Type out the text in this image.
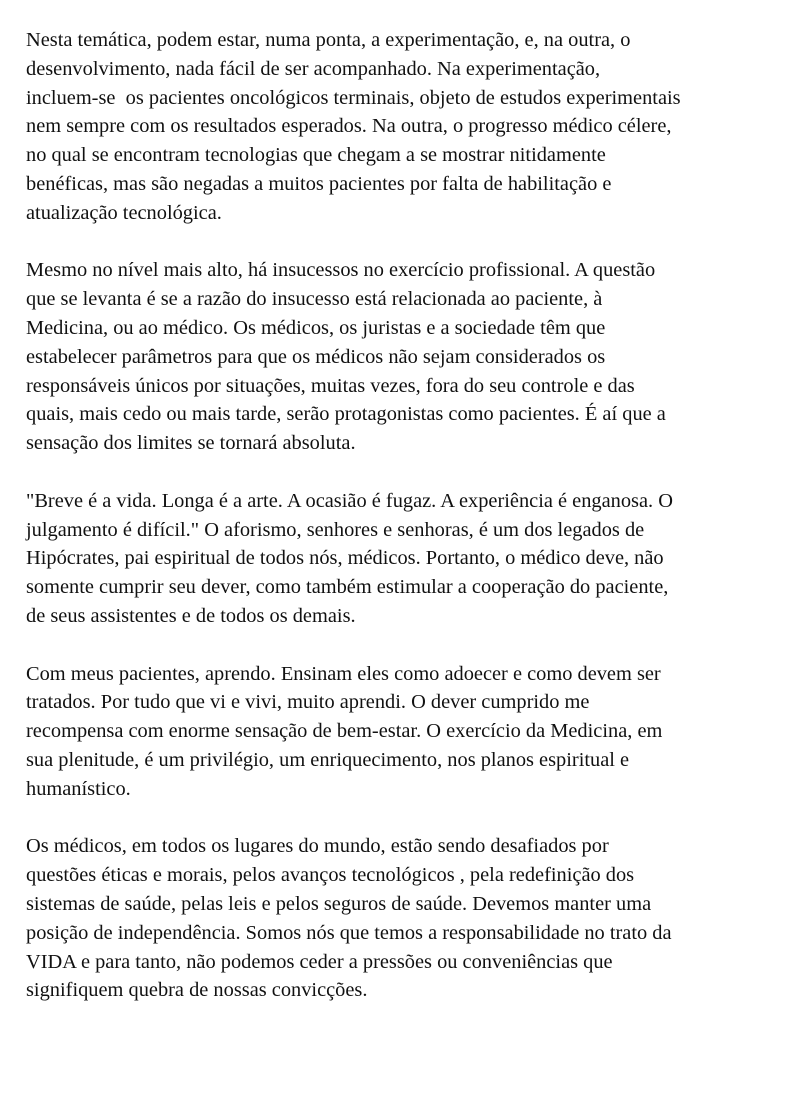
Nesta temática, podem estar, numa ponta, a experimentação, e, na outra, o
desenvolvimento, nada fácil de ser acompanhado. Na experimentação,
incluem-se  os pacientes oncológicos terminais, objeto de estudos experimentais
nem sempre com os resultados esperados. Na outra, o progresso médico célere,
no qual se encontram tecnologias que chegam a se mostrar nitidamente
benéficas, mas são negadas a muitos pacientes por falta de habilitação e
atualização tecnológica.

Mesmo no nível mais alto, há insucessos no exercício profissional. A questão
que se levanta é se a razão do insucesso está relacionada ao paciente, à
Medicina, ou ao médico. Os médicos, os juristas e a sociedade têm que
estabelecer parâmetros para que os médicos não sejam considerados os
responsáveis únicos por situações, muitas vezes, fora do seu controle e das
quais, mais cedo ou mais tarde, serão protagonistas como pacientes. É aí que a
sensação dos limites se tornará absoluta.

"Breve é a vida. Longa é a arte. A ocasião é fugaz. A experiência é enganosa. O
julgamento é difícil." O aforismo, senhores e senhoras, é um dos legados de
Hipócrates, pai espiritual de todos nós, médicos. Portanto, o médico deve, não
somente cumprir seu dever, como também estimular a cooperação do paciente,
de seus assistentes e de todos os demais.

Com meus pacientes, aprendo. Ensinam eles como adoecer e como devem ser
tratados. Por tudo que vi e vivi, muito aprendi. O dever cumprido me
recompensa com enorme sensação de bem-estar. O exercício da Medicina, em
sua plenitude, é um privilégio, um enriquecimento, nos planos espiritual e
humanístico.

Os médicos, em todos os lugares do mundo, estão sendo desafiados por
questões éticas e morais, pelos avanços tecnológicos , pela redefinição dos
sistemas de saúde, pelas leis e pelos seguros de saúde. Devemos manter uma
posição de independência. Somos nós que temos a responsabilidade no trato da
VIDA e para tanto, não podemos ceder a pressões ou conveniências que
signifiquem quebra de nossas convicções.
